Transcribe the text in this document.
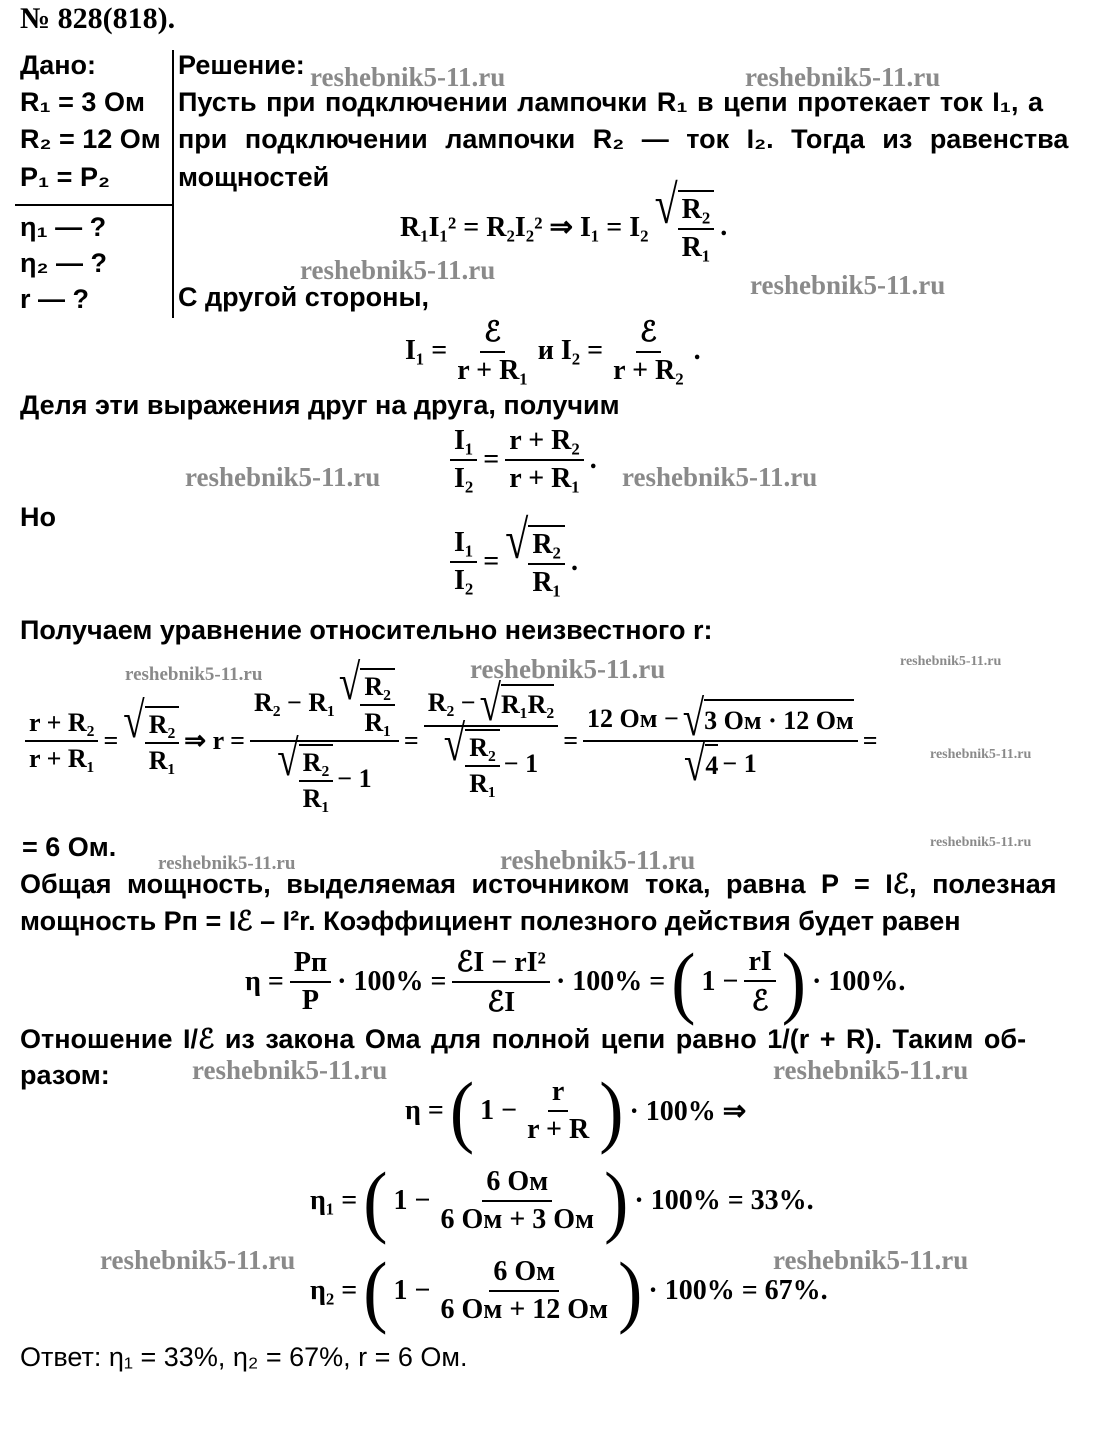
№ 828(818).
Дано:
R₁ = 3 Ом
R₂ = 12 Ом
P₁ = P₂
η₁ — ?
η₂ — ?
r — ?
Решение:
Пусть при подключении лампочки R₁ в цепи протекает ток I₁, а
при подключении лампочки R₂ — ток I₂. Тогда из равенства
мощностей
R₁I₁² = R₂I₂² ⇒ I₁ = I₂ √ $\frac{\text{R₂}}{\text{R₁}}$ .
С другой стороны,
$I_1 = \frac{\text{ℰ}}{\text{r + R₁}}$ и $I_2 = \frac{\text{ℰ}}{\text{r + R₂}}$ .
Деля эти выражения друг на друга, получим
$\frac{\text{I₁}}{\text{I₂}} = \frac{\text{r + R₂}}{\text{r + R₁}}$ .
Но
$\frac{\text{I₁}}{\text{I₂}}$ = √ $\frac{\text{R₂}}{\text{R₁}}$ .
Получаем уравнение относительно неизвестного r:
$\frac{\text{r + R₂}}{\text{r + R₁}}$ = √ $\frac{\text{R₂}}{\text{R₁}}$ ⇒ $r = \frac{R_2 - R_1 √ \frac{\text{R₂}}{\text{R₁}}}{√ \frac{\text{R₂}}{\text{R₁}} - 1} = \frac{\text{R₂ − √ R₁R₂}}{√ \frac{\text{R₂}}{\text{R₁}} - 1} = \frac{12 Ом - √ 3 Ом \cdot 12 Ом}{√ 4 - 1}$ =
= 6 Ом.
Общая мощность, выделяемая источником тока, равна P = Iℰ, полезная
мощность Pп = Iℰ – I²r. Коэффициент полезного действия будет равен
$\eta = \frac{Pп}{P} \cdot 100\% = \frac{\text{ℰI − rI²}}{\text{ℰI}} \cdot 100\%$ = ( $1 - \frac{rI}{\text{ℰ}}$ ) · 100%.
Отношение I/ℰ из закона Ома для полной цепи равно 1/(r + R). Таким об-
разом:
η = ( $1 - \frac{r}{r + R}$ ) · 100% ⇒
η₁ = ( $1 - \frac{6 Ом}{6 Ом + 3 Ом}$ ) · 100% = 33%.
η₂ = ( $1 - \frac{6 Ом}{6 Ом + 12 Ом}$ ) · 100% = 67%.
Ответ: η₁ = 33%, η₂ = 67%, r = 6 Ом.
reshebnik5-11.ru	reshebnik5-11.ru
reshebnik5-11.ru	reshebnik5-11.ru
reshebnik5-11.ru	reshebnik5-11.ru
reshebnik5-11.ru	reshebnik5-11.ru	reshebnik5-11.ru
reshebnik5-11.ru
reshebnik5-11.ru
reshebnik5-11.ru	reshebnik5-11.ru
reshebnik5-11.ru	reshebnik5-11.ru
reshebnik5-11.ru	reshebnik5-11.ru
